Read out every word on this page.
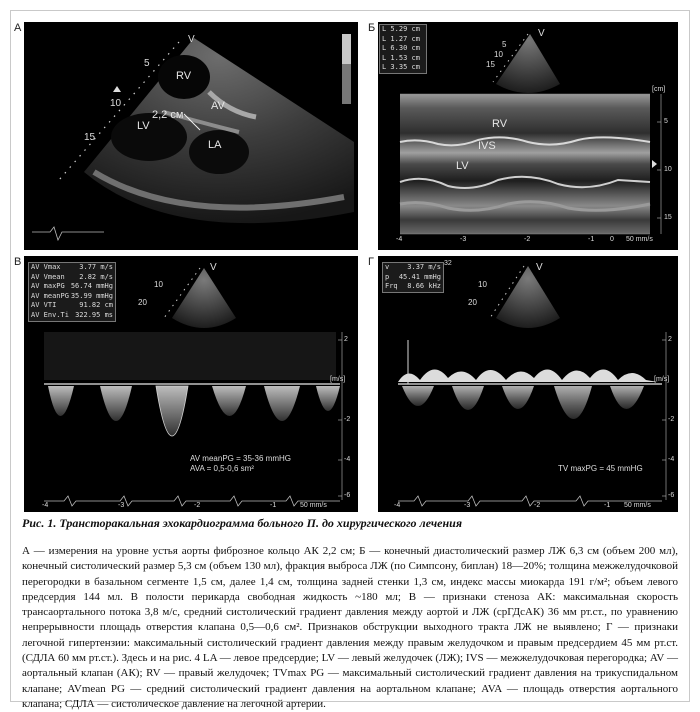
А	Б
В	Г
V
5
10
15
RV
AV
LV
LA
2,2 см
L 5.29 cm
L 1.27 cm
L 6.30 cm
L 1.53 cm
L 3.35 cm
V
5
10
15
[cm]
5
10
15
RV
IVS
LV
-4	-3	-2	-1 0 50 mm/s
AV Vmax	3.77 m/s
AV Vmean 2.82 m/s
AV maxPG 56.74 mmHg
AV meanPG 35.99 mmHg
AV VTI	91.82 cm
AV Env.Ti 322.95 ms
V
10
20
[m/s]
2
-2
-4
-6
AV meanPG = 35-36 mmHG
AVA = 0,5-0,6 sm²
-4	-3	-2	-1	50 mm/s
v	3.37 m/s
p 45.41 mmHg
Frq 8.66 kHz
32	V
10
20
[m/s]
2
-2
-4
-6
TV maxPG = 45 mmHG
-4	-3	-2	-1 50 mm/s
Рис. 1. Трансторакальная эхокардиограмма больного П. до хирургического лечения
А — измерения на уровне устья аорты фиброзное кольцо АК 2,2 см; Б — конечный диастолический размер ЛЖ 6,3 см (объем 200 мл), конечный систолический размер 5,3 см (объем 130 мл), фракция выброса ЛЖ (по Симпсону, биплан) 18—20%; толщина межжелудочковой перегородки в базальном сегменте 1,5 см, далее 1,4 см, толщина задней стенки 1,3 см, индекс массы миокарда 191 г/м²; объем левого предсердия 144 мл. В полости перикарда свободная жидкость ~180 мл; В — признаки стеноза АК: максимальная скорость трансаортального потока 3,8 м/с, средний систолический градиент давления между аортой и ЛЖ (срГДсАК) 36 мм рт.ст., по уравнению непрерывности площадь отверстия клапана 0,5—0,6 см². Признаков обструкции выходного тракта ЛЖ не выявлено; Г — признаки легочной гипертензии: максимальный систолический градиент давления между правым желудочком и правым предсердием 45 мм рт.ст. (СДЛА 60 мм рт.ст.). Здесь и на рис. 4 LA — левое предсердие; LV — левый желудочек (ЛЖ); IVS — межжелудочковая перегородка; AV — аортальный клапан (АК); RV — правый желудочек; TVmax PG — максимальный систолический градиент давления на трикуспидальном клапане; AVmean PG — средний систолический градиент давления на аортальном клапане; AVA — площадь отверстия аортального клапана; СДЛА — систолическое давление на легочной артерии.
